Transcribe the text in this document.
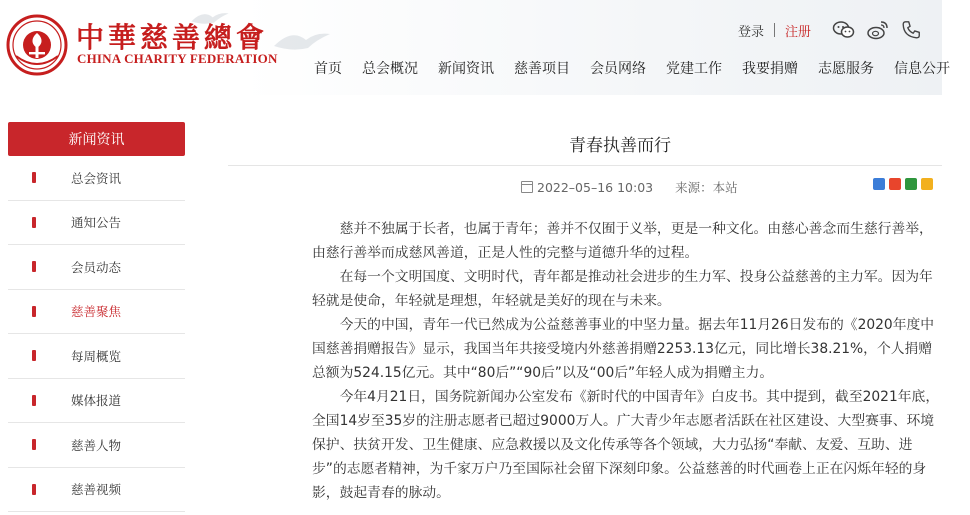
中華慈善總會
CHINA CHARITY FEDERATION
登录 注册
首页 总会概况 新闻资讯 慈善项目 会员网络 党建工作 我要捐赠 志愿服务 信息公开
新闻资讯
总会资讯
通知公告
会员动态
慈善聚焦
每周概览
媒体报道
慈善人物
慈善视频
青春执善而行
2022–05–16 10:03 来源：本站

慈并不独属于长者，也属于青年；善并不仅囿于义举，更是一种文化。由慈心善念而生慈行善举，由慈行善举而成慈风善道，正是人性的完整与道德升华的过程。

在每一个文明国度、文明时代，青年都是推动社会进步的生力军、投身公益慈善的主力军。因为年轻就是使命，年轻就是理想，年轻就是美好的现在与未来。

今天的中国，青年一代已然成为公益慈善事业的中坚力量。据去年11月26日发布的《2020年度中国慈善捐赠报告》显示，我国当年共接受境内外慈善捐赠2253.13亿元，同比增长38.21%，个人捐赠总额为524.15亿元。其中“80后”“90后”以及“00后”年轻人成为捐赠主力。

今年4月21日，国务院新闻办公室发布《新时代的中国青年》白皮书。其中提到，截至2021年底，全国14岁至35岁的注册志愿者已超过9000万人。广大青少年志愿者活跃在社区建设、大型赛事、环境保护、扶贫开发、卫生健康、应急救援以及文化传承等各个领域，大力弘扬“奉献、友爱、互助、进步”的志愿者精神，为千家万户乃至国际社会留下深刻印象。公益慈善的时代画卷上正在闪烁年轻的身影，鼓起青春的脉动。
